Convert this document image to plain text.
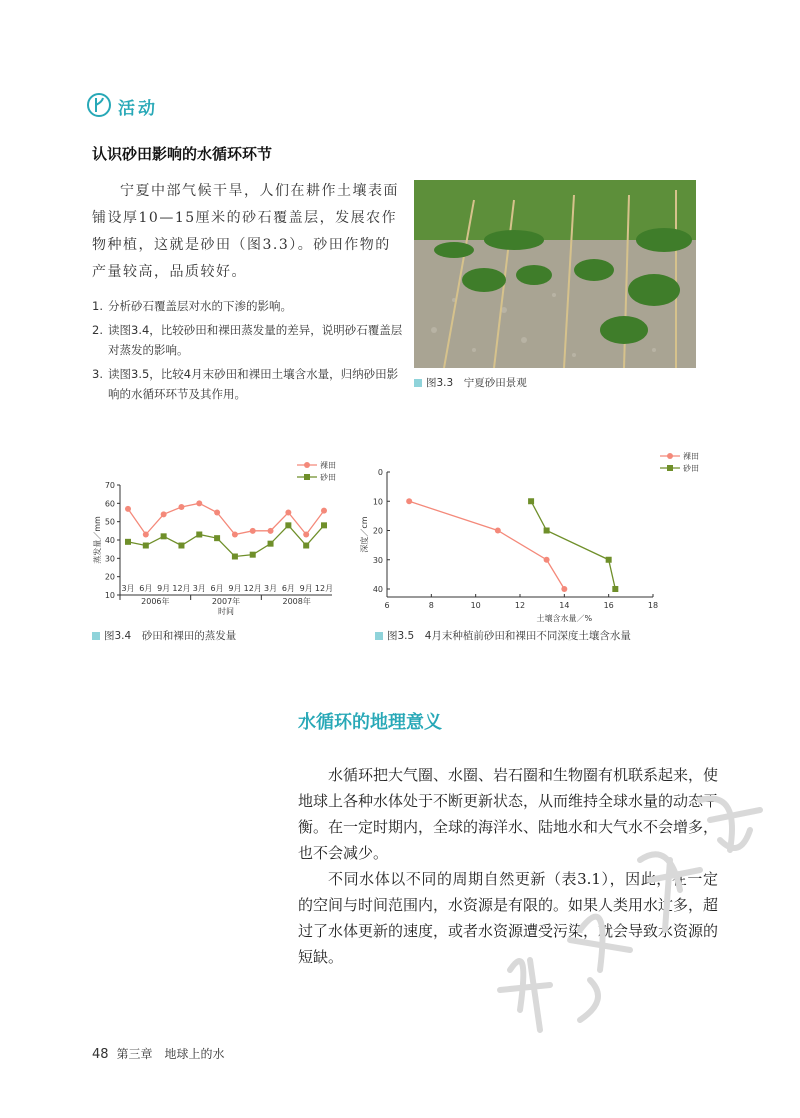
活动
认识砂田影响的水循环环节

宁夏中部气候干旱，人们在耕作土壤表面铺设厚10—15厘米的砂石覆盖层，发展农作物种植，这就是砂田（图3.3）。砂田作物的产量较高，品质较好。

图3.3　 宁夏砂田景观
1. 分析砂石覆盖层对水的下渗的影响。
2. 读图3.4，比较砂田和裸田蒸发量的差异，说明砂石覆盖层对蒸发的影响。
3. 读图3.5，比较4月末砂田和裸田土壤含水量，归纳砂田影响的水循环环节及其作用。
10
20
30
40
50
60
70
3月 6月 9月 12月 3月 6月 9月 12月 3月 6月 9月 12月
2006年	2007年	2008年
时间
蒸发量／mm
裸田
砂田
图3.4　 砂田和裸田的蒸发量
0
10
20
30
40
6	8	10	12	14	16	18
土壤含水量／%
深度／cm
裸田
砂田
图3.5　 4月末种植前砂田和裸田不同深度土壤含水量
水循环的地理意义

水循环把大气圈、水圈、岩石圈和生物圈有机联系起来，使地球上各种水体处于不断更新状态，从而维持全球水量的动态平衡。在一定时期内，全球的海洋水、陆地水和大气水不会增多，也不会减少。

不同水体以不同的周期自然更新（表3.1），因此，在一定的空间与时间范围内，水资源是有限的。如果人类用水过多，超过了水体更新的速度，或者水资源遭受污染，就会导致水资源的短缺。

48 第三章　地球上的水
